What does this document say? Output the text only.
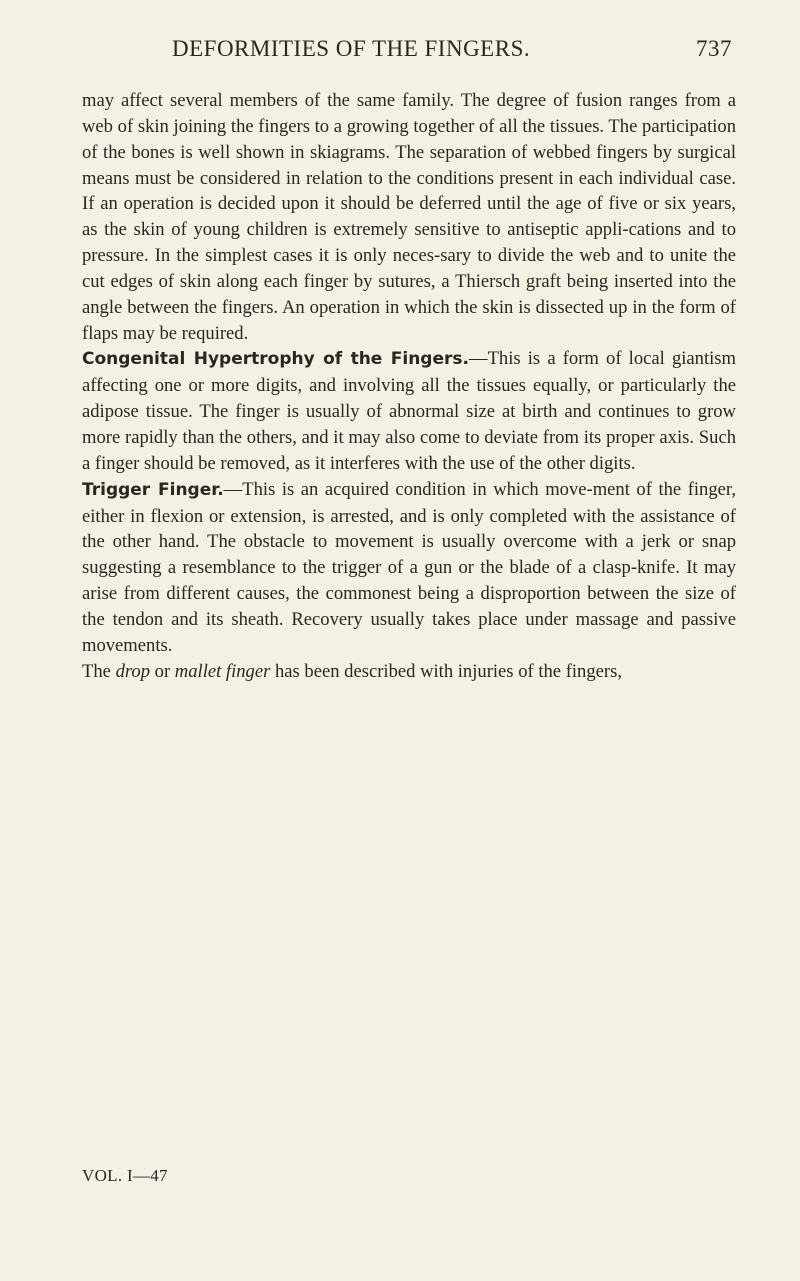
DEFORMITIES OF THE FINGERS.	737

may affect several members of the same family. The degree of fusion ranges from a web of skin joining the fingers to a growing together of all the tissues. The participation of the bones is well shown in skiagrams. The separation of webbed fingers by surgical means must be considered in relation to the conditions present in each individual case. If an operation is decided upon it should be deferred until the age of five or six years, as the skin of young children is extremely sensitive to antiseptic appli-cations and to pressure. In the simplest cases it is only neces-sary to divide the web and to unite the cut edges of skin along each finger by sutures, a Thiersch graft being inserted into the angle between the fingers. An operation in which the skin is dissected up in the form of flaps may be required.

Congenital Hypertrophy of the Fingers.—This is a form of local giantism affecting one or more digits, and involving all the tissues equally, or particularly the adipose tissue. The finger is usually of abnormal size at birth and continues to grow more rapidly than the others, and it may also come to deviate from its proper axis. Such a finger should be removed, as it interferes with the use of the other digits.

Trigger Finger.—This is an acquired condition in which move-ment of the finger, either in flexion or extension, is arrested, and is only completed with the assistance of the other hand. The obstacle to movement is usually overcome with a jerk or snap suggesting a resemblance to the trigger of a gun or the blade of a clasp-knife. It may arise from different causes, the commonest being a disproportion between the size of the tendon and its sheath. Recovery usually takes place under massage and passive movements.

The drop or mallet finger has been described with injuries of the fingers,

VOL. I—47
